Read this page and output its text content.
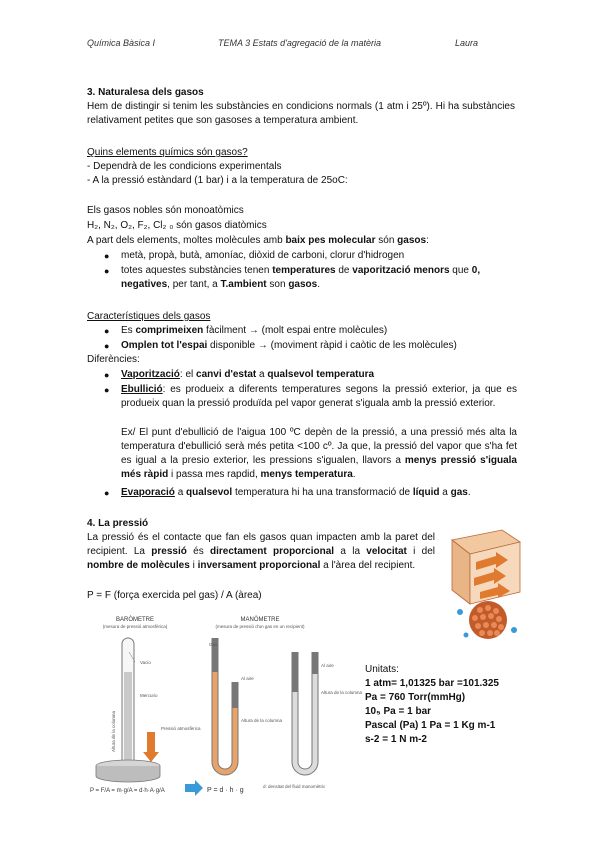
Química Bàsica I	TEMA 3 Estats d'agregació de la matèria	Laura
3. Naturalesa dels gasos
Hem de distingir si tenim les substàncies en condicions normals (1 atm i 25º). Hi ha substàncies relativament petites que son gasoses a temperatura ambient.
Quins elements químics són gasos?
- Dependrà de les condicions experimentals
- A la pressió estàndard (1 bar) i a la temperatura de 25oC:
Els gasos nobles són monoatòmics
H₂, N₂, O₂, F₂, Cl₂ ₀ són gasos diatòmics
A part dels elements, moltes molècules amb baix pes molecular són gasos:
● metà, propà, butà, amoníac, diòxid de carboni, clorur d'hidrogen
● totes aquestes substàncies tenen temperatures de vaporització menors que 0, negatives, per tant, a T.ambient son gasos.
Característiques dels gasos
● Es comprimeixen fàcilment → (molt espai entre molècules)
● Omplen tot l'espai disponible → (moviment ràpid i caòtic de les molècules)
Diferències:
● Vaporització: el canvi d'estat a qualsevol temperatura
● Ebullició: es produeix a diferents temperatures segons la pressió exterior, ja que es produeix quan la pressió produïda pel vapor generat s'iguala amb la pressió exterior.
Ex/ El punt d'ebullició de l'aigua 100 ºC depèn de la pressió, a una pressió més alta la temperatura d'ebullició serà més petita <100 cº. Ja que, la pressió del vapor que s'ha fet es igual a la presio exterior, les pressions s'igualen, llavors a menys pressió s'iguala més ràpid i passa mes rapdid, menys temperatura.
● Evaporació a qualsevol temperatura hi ha una transformació de líquid a gas.
4. La pressió
La pressió és el contacte que fan els gasos quan impacten amb la paret del recipient. La pressió és directament proporcional a la velocitat i del nombre de molècules i inversament proporcional a l'àrea del recipient.
P = F (força exercida pel gas) / A (àrea)
BARÒMETRE
(mesura de pressió atmosfèrica)
MANÒMETRE
(mesura de pressió d'un gas en un recipient)
Vacio
Mercurio
Altura de la columna	Pressió atmosfèrica
Gas
Al aire
Altura de la columna
Al aire
Altura de la columna
P = F/A = m·g/A = d·h·A·g/A	P = d · h · g
d: densitat del fluid manomètric
Unitats:
1 atm= 1,01325 bar =101.325
Pa = 760 Torr(mmHg)
10₅ Pa = 1 bar
Pascal (Pa) 1 Pa = 1 Kg m-1
s-2 = 1 N m-2
